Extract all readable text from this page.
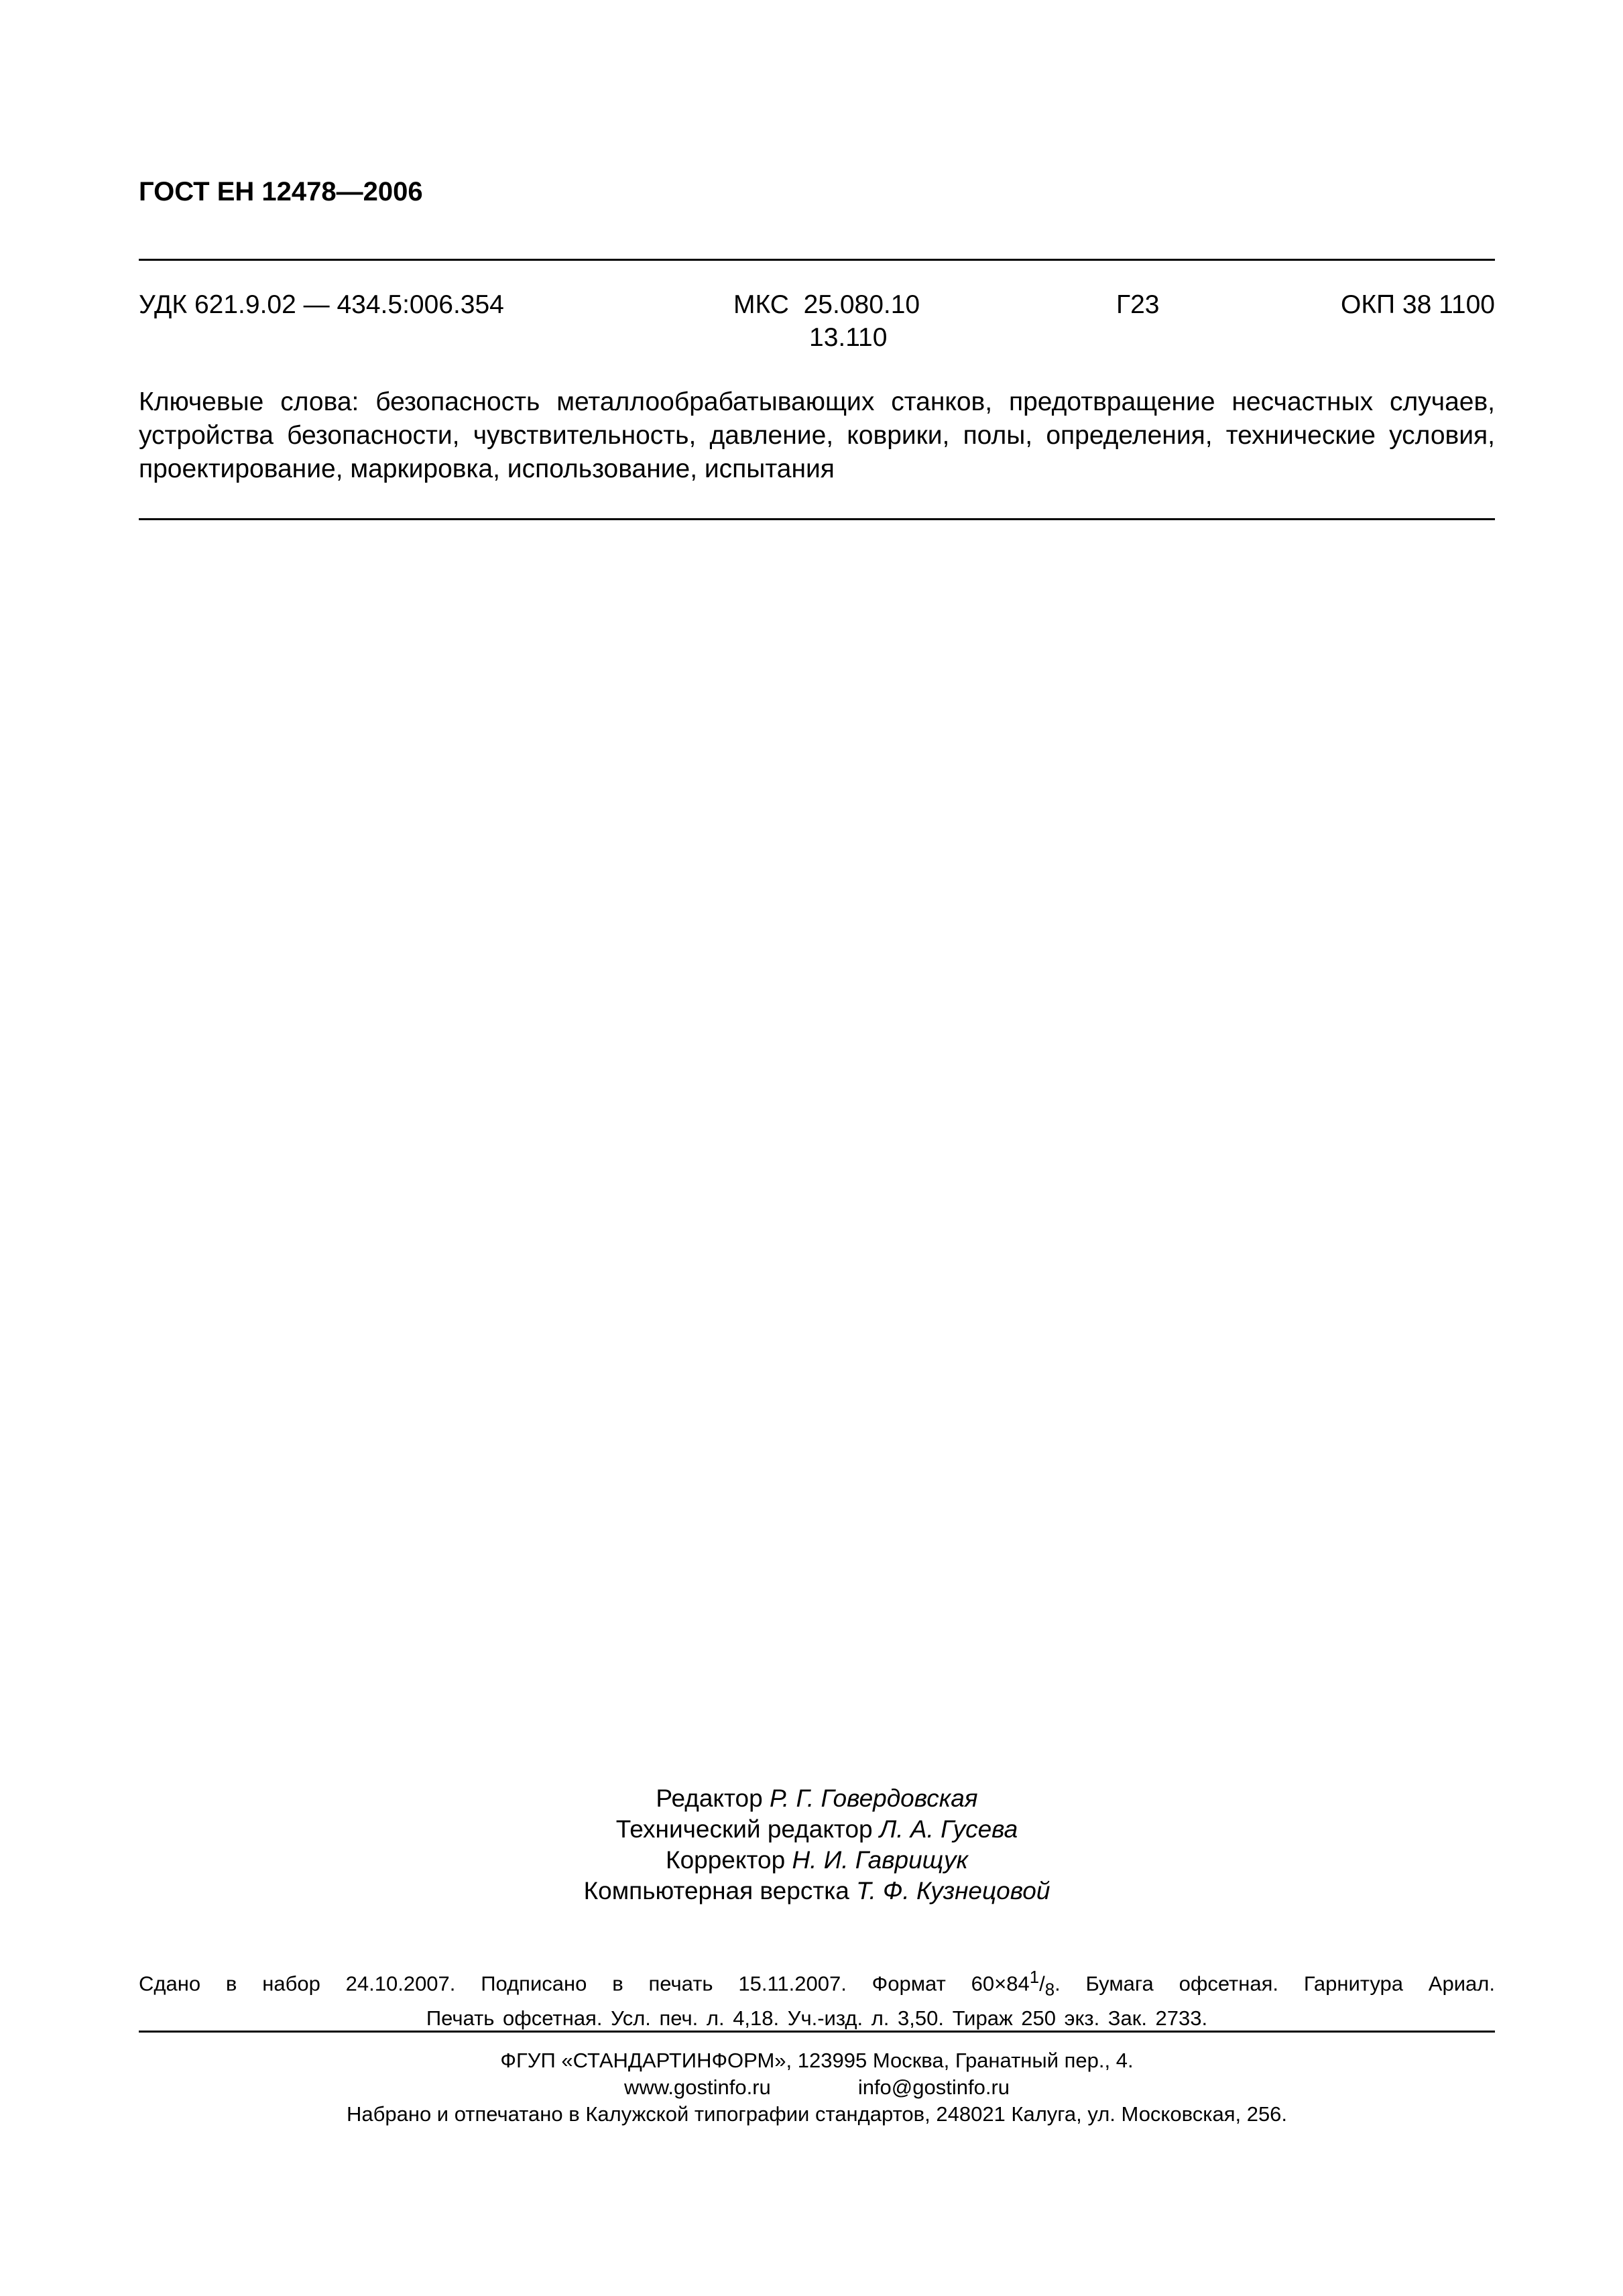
ГОСТ ЕН 12478—2006
УДК 621.9.02 — 434.5:006.354	МКС 25.080.10
13.110
Г23	ОКП 38 1100
Ключевые слова: безопасность металлообрабатывающих станков, предотвращение несчастных случаев, устройства безопасности, чувствительность, давление, коврики, полы, определения, технические условия, проектирование, маркировка, использование, испытания
Редактор Р. Г. Говердовская
Технический редактор Л. А. Гусева
Корректор Н. И. Гаврищук
Компьютерная верстка Т. Ф. Кузнецовой
Сдано в набор 24.10.2007. Подписано в печать 15.11.2007. Формат $60\times 84^1/_8$. Бумага офсетная. Гарнитура Ариал.
Печать офсетная. Усл. печ. л. 4,18. Уч.-изд. л. 3,50. Тираж 250 экз. Зак. 2733.
ФГУП «СТАНДАРТИНФОРМ», 123995 Москва, Гранатный пер., 4.
www.gostinfo.ru	info@gostinfo.ru
Набрано и отпечатано в Калужской типографии стандартов, 248021 Калуга, ул. Московская, 256.
